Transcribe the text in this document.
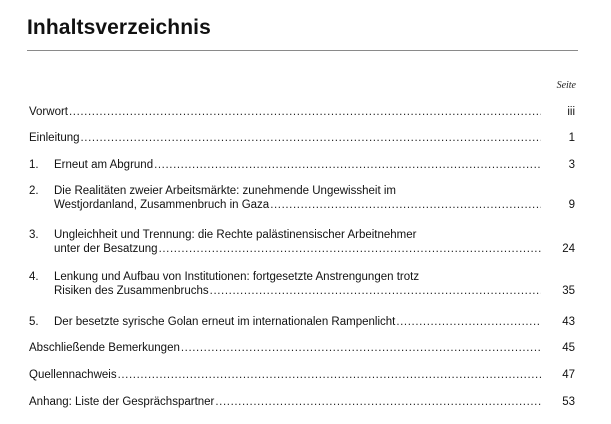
Inhaltsverzeichnis
Seite
Vorwort .....	iii
Einleitung .....	1
1.	Erneut am Abgrund .....	3
2.	Die Realitäten zweier Arbeitsmärkte: zunehmende Ungewissheit im
Westjordanland, Zusammenbruch in Gaza .....	9
3.	Ungleichheit und Trennung: die Rechte palästinensischer Arbeitnehmer
unter der Besatzung .....	24
4.	Lenkung und Aufbau von Institutionen: fortgesetzte Anstrengungen trotz
Risiken des Zusammenbruchs .....	35
5.	Der besetzte syrische Golan erneut im internationalen Rampenlicht .....	43
Abschließende Bemerkungen .....	45
Quellennachweis .....	47
Anhang: Liste der Gesprächspartner .....	53
